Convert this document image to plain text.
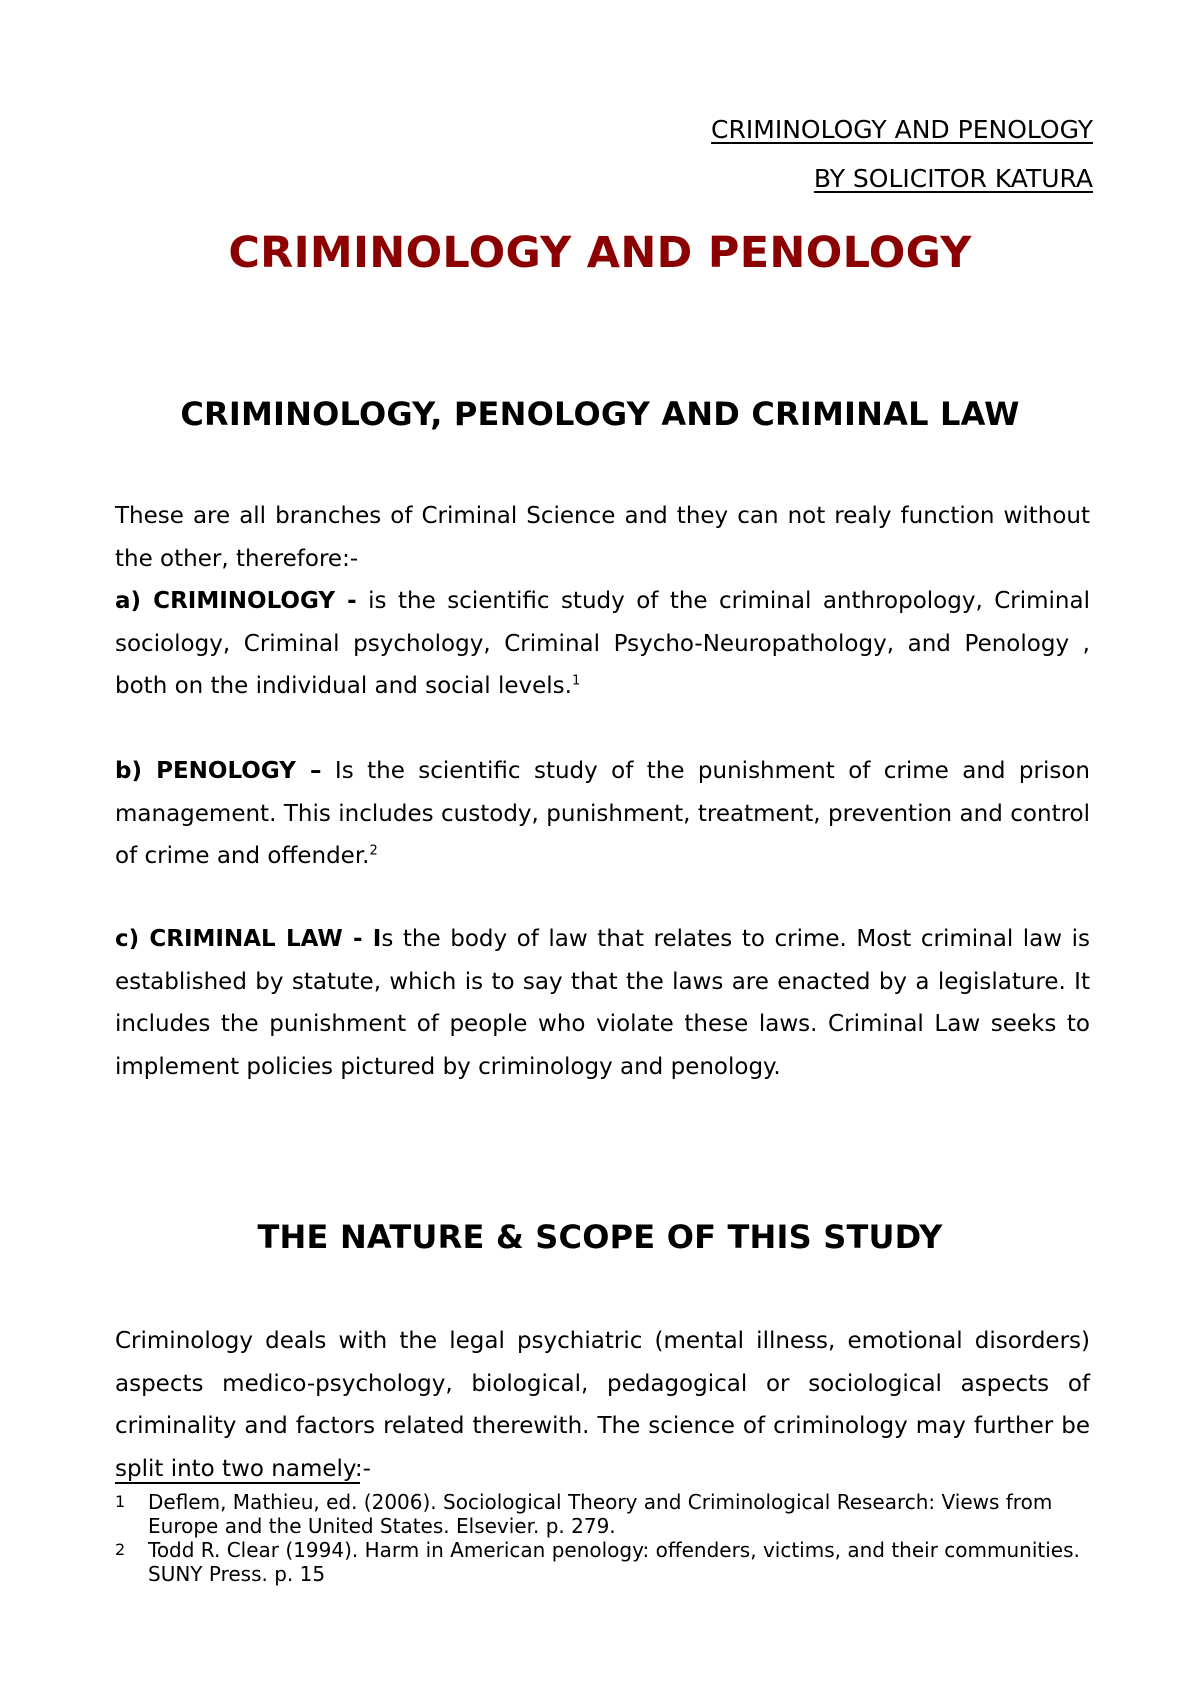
CRIMINOLOGY AND PENOLOGY
BY SOLICITOR KATURA
CRIMINOLOGY AND PENOLOGY
CRIMINOLOGY, PENOLOGY AND CRIMINAL LAW
These are all branches of Criminal Science and they can not realy function without the other, therefore:-
a) CRIMINOLOGY - is the scientific study of the criminal anthropology, Criminal sociology, Criminal psychology, Criminal Psycho-Neuropathology, and Penology , both on the individual and social levels.$^1$
b) PENOLOGY – Is the scientific study of the punishment of crime and prison management. This includes custody, punishment, treatment, prevention and control of crime and offender.$^2$
c) CRIMINAL LAW - Is the body of law that relates to crime. Most criminal law is established by statute, which is to say that the laws are enacted by a legislature. It includes the punishment of people who violate these laws. Criminal Law seeks to implement policies pictured by criminology and penology.
THE NATURE & SCOPE OF THIS STUDY
Criminology deals with the legal psychiatric (mental illness, emotional disorders) aspects medico-psychology, biological, pedagogical or sociological aspects of criminality and factors related therewith. The science of criminology may further be split into two namely:-
1	Deflem, Mathieu, ed. (2006). Sociological Theory and Criminological Research: Views from Europe and the United States. Elsevier. p. 279.
2	Todd R. Clear (1994). Harm in American penology: offenders, victims, and their communities. SUNY Press. p. 15
